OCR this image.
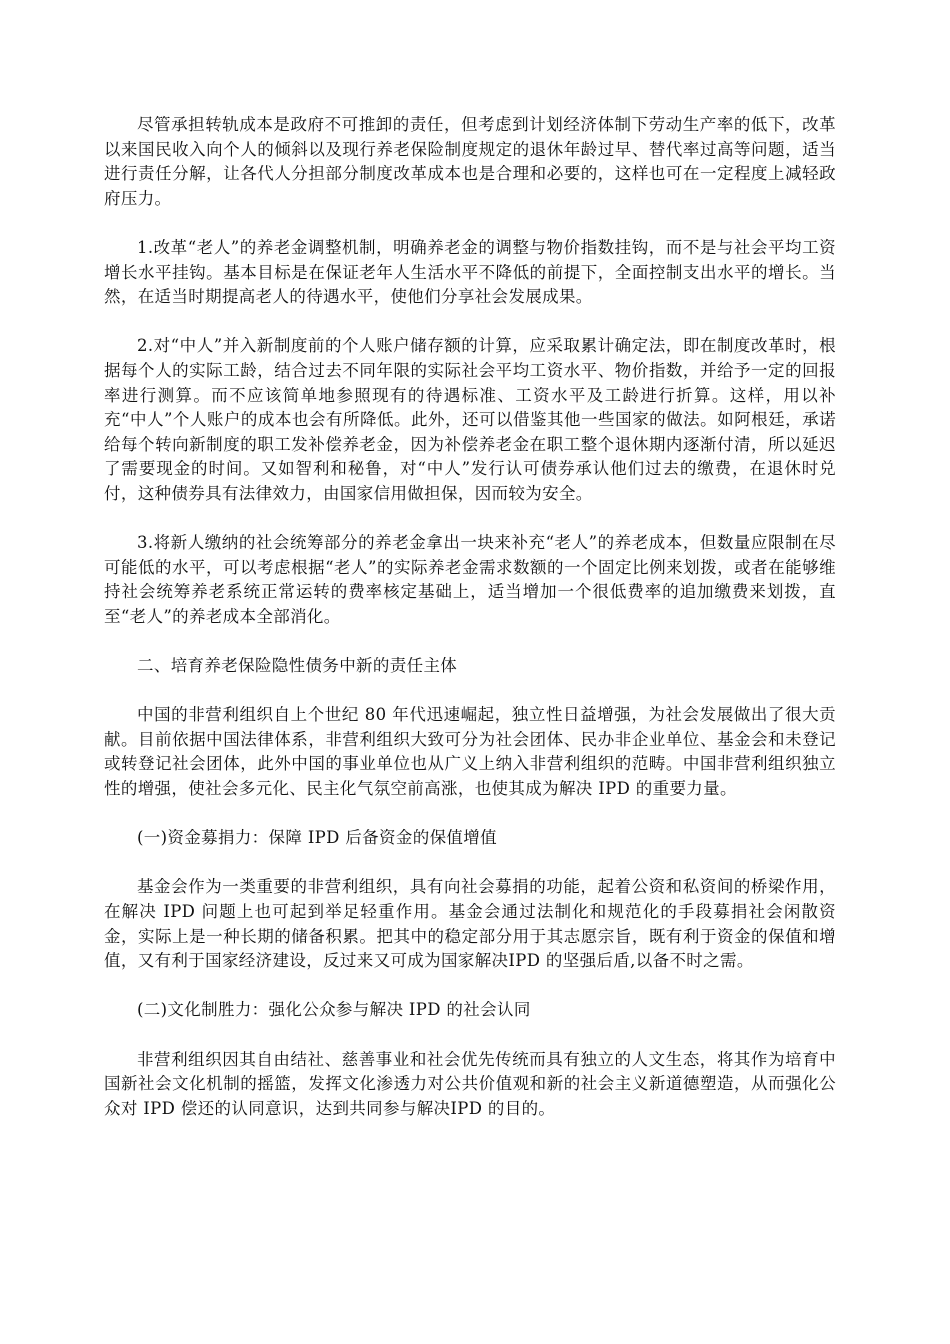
尽管承担转轨成本是政府不可推卸的责任，但考虑到计划经济体制下劳动生产率的低下，改革以来国民收入向个人的倾斜以及现行养老保险制度规定的退休年龄过早、替代率过高等问题，适当进行责任分解，让各代人分担部分制度改革成本也是合理和必要的，这样也可在一定程度上减轻政府压力。

1.改革“老人”的养老金调整机制，明确养老金的调整与物价指数挂钩，而不是与社会平均工资增长水平挂钩。基本目标是在保证老年人生活水平不降低的前提下，全面控制支出水平的增长。当然，在适当时期提高老人的待遇水平，使他们分享社会发展成果。

2.对“中人”并入新制度前的个人账户储存额的计算，应采取累计确定法，即在制度改革时，根据每个人的实际工龄，结合过去不同年限的实际社会平均工资水平、物价指数，并给予一定的回报率进行测算。而不应该简单地参照现有的待遇标准、工资水平及工龄进行折算。这样，用以补充“中人”个人账户的成本也会有所降低。此外，还可以借鉴其他一些国家的做法。如阿根廷，承诺给每个转向新制度的职工发补偿养老金，因为补偿养老金在职工整个退休期内逐渐付清，所以延迟了需要现金的时间。又如智利和秘鲁，对“中人”发行认可债券承认他们过去的缴费，在退休时兑付，这种债券具有法律效力，由国家信用做担保，因而较为安全。

3.将新人缴纳的社会统筹部分的养老金拿出一块来补充“老人”的养老成本，但数量应限制在尽可能低的水平，可以考虑根据“老人”的实际养老金需求数额的一个固定比例来划拨，或者在能够维持社会统筹养老系统正常运转的费率核定基础上，适当增加一个很低费率的追加缴费来划拨，直至“老人”的养老成本全部消化。

二、培育养老保险隐性债务中新的责任主体

中国的非营利组织自上个世纪 80 年代迅速崛起，独立性日益增强，为社会发展做出了很大贡献。目前依据中国法律体系，非营利组织大致可分为社会团体、民办非企业单位、基金会和未登记或转登记社会团体，此外中国的事业单位也从广义上纳入非营利组织的范畴。中国非营利组织独立性的增强，使社会多元化、民主化气氛空前高涨，也使其成为解决 IPD 的重要力量。

(一)资金募捐力：保障 IPD 后备资金的保值增值

基金会作为一类重要的非营利组织，具有向社会募捐的功能，起着公资和私资间的桥梁作用，在解决 IPD 问题上也可起到举足轻重作用。基金会通过法制化和规范化的手段募捐社会闲散资金，实际上是一种长期的储备积累。把其中的稳定部分用于其志愿宗旨，既有利于资金的保值和增值，又有利于国家经济建设，反过来又可成为国家解决IPD 的坚强后盾,以备不时之需。

(二)文化制胜力：强化公众参与解决 IPD 的社会认同

非营利组织因其自由结社、慈善事业和社会优先传统而具有独立的人文生态，将其作为培育中国新社会文化机制的摇篮，发挥文化渗透力对公共价值观和新的社会主义新道德塑造，从而强化公众对 IPD 偿还的认同意识，达到共同参与解决IPD 的目的。
